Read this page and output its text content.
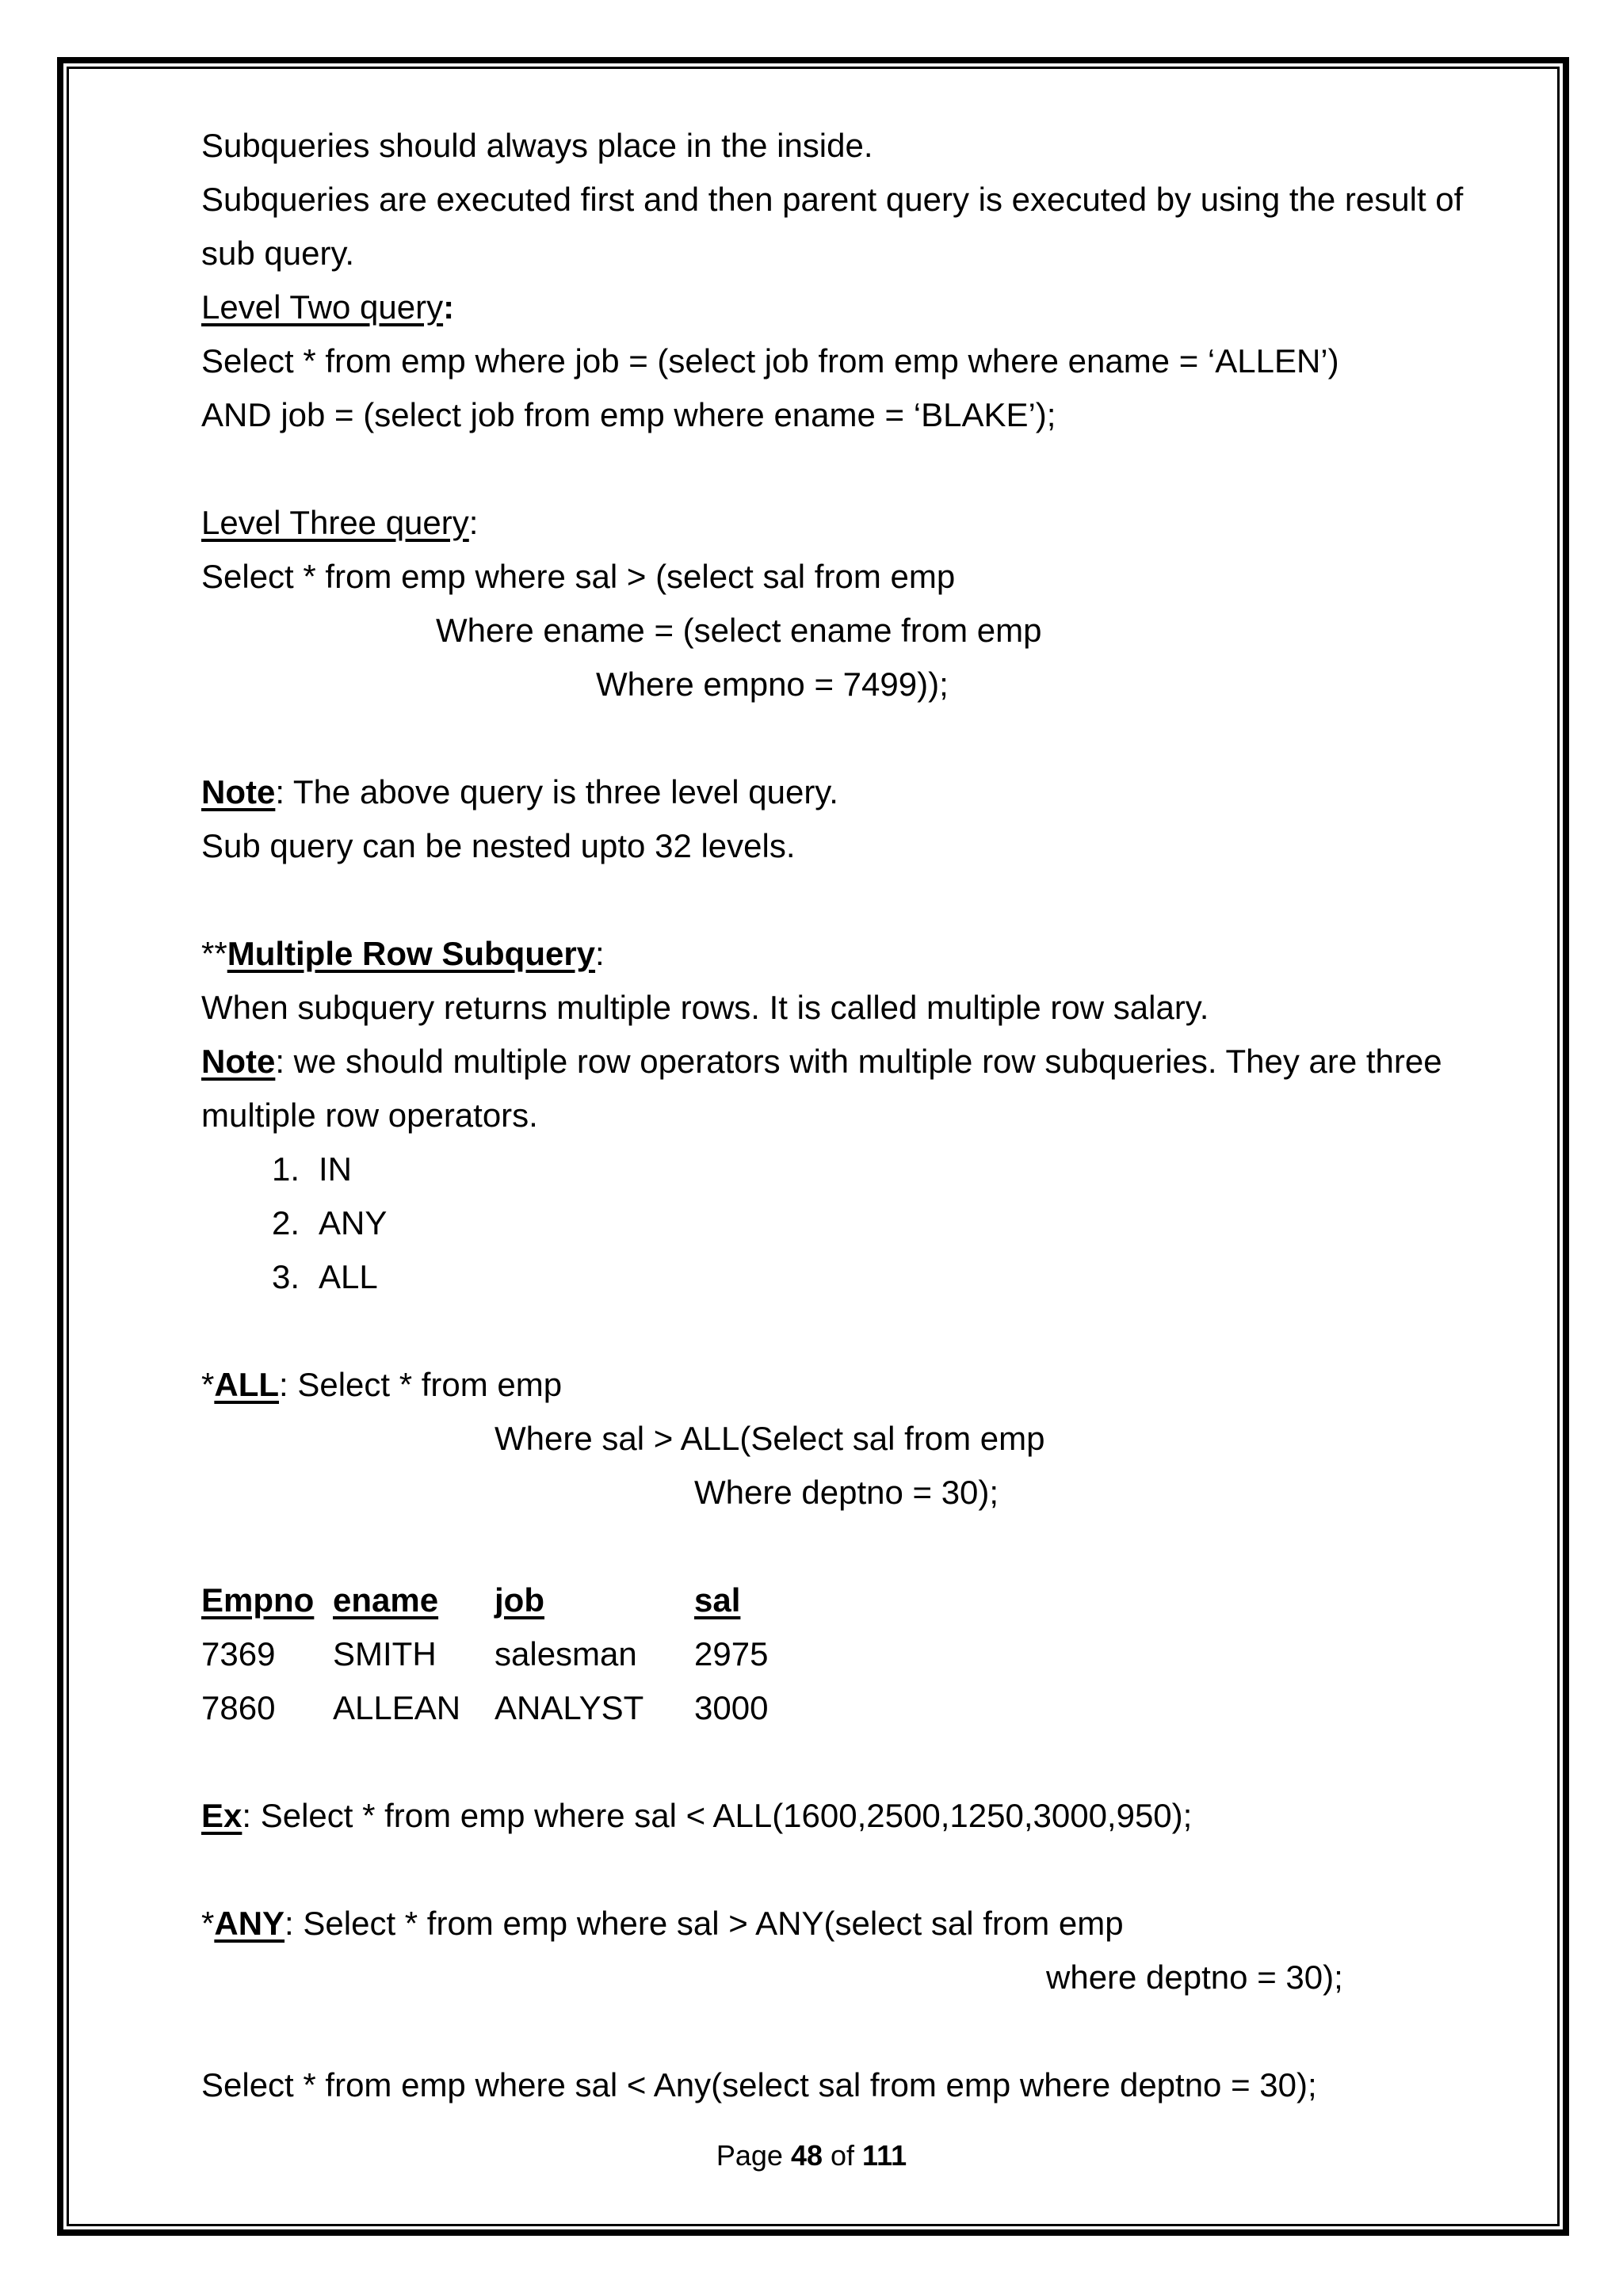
Subqueries should always place in the inside.
Subqueries are executed first and then parent query is executed by using the result of
sub query.
Level Two query:
Select * from emp where job = (select job from emp where ename = ‘ALLEN’)
AND job = (select job from emp where ename = ‘BLAKE’);
Level Three query:
Select * from emp where sal > (select sal from emp
Where ename = (select ename from emp
Where empno = 7499));
Note: The above query is three level query.
Sub query can be nested upto 32 levels.
**Multiple Row Subquery:
When subquery returns multiple rows. It is called multiple row salary.
Note: we should multiple row operators with multiple row subqueries. They are three
multiple row operators.
1. IN
2. ANY
3. ALL
*ALL: Select * from emp
Where sal > ALL(Select sal from emp
Where deptno = 30);
Empno	ename	job	sal
7369	SMITH	salesman	2975
7860	ALLEAN	ANALYST	3000
Ex: Select * from emp where sal < ALL(1600,2500,1250,3000,950);
*ANY: Select * from emp where sal > ANY(select sal from emp
where deptno = 30);
Select * from emp where sal < Any(select sal from emp where deptno = 30);
Page 48 of 111
